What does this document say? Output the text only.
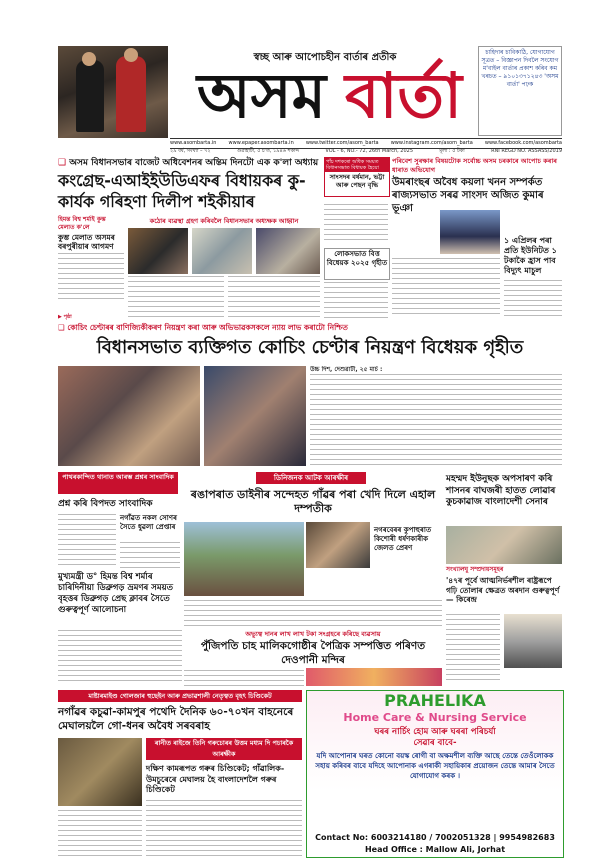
স্বচ্ছ আৰু আপোচহীন বাৰ্তাৰ প্ৰতীক
অসম বাৰ্তা
চাহিদাৰ চাবিকাঠি, যোগাযোগ সূত্ৰত – বিজ্ঞাপন দিবলৈ সংযোগ ম'বাইল বাৰ্তাৰ প্ৰকাশ কৰিব কম খৰচত – ৯১০১৩৭১২৪৩ 'অসম বাৰ্তা' পঢ়ক
www.asombarta.in www.epaper.asombarta.in www.twitter.com/asom_barta www.instagram.com/asom_barta www.facebook.com/asombarta
২৯ বৰ্ষ, সংখ্যা – ৭২	গুৱাহাটী, ৫ চ'ত, ১৯৪৬ শকাব্দ	VOL - 6, NO.- 72, 26th March, 2025	মূল্য : ৫ টকা	RNI REGD NO. ASSASS/2019
❑ অসম বিধানসভাৰ বাজেট অধিবেশনৰ অন্তিম দিনটো এক ক'লা অধ্যায়
কংগ্ৰেছ-এআইইউডিএফৰ বিধায়কৰ কু-কাৰ্যক গৰিহণা দিলীপ শইকীয়াৰ
হিমন্ত বিশ্ব শৰ্মাই কুম্ভ মেলাত ক'লে
কুম্ভ মেলাত অসমৰ বৰপুৰীয়াৰ আগমণ
▶ পৃষ্ঠা
কঠোৰ ব্যৱস্থা গ্ৰহণ কৰিবলৈ বিধানসভাৰ অধ্যক্ষক আহ্বান
পাঁচ দশকৰো অধিক সময়ত বিধানসভাত বিধায়ক হৈয়ো
সাংসদৰ বৰ্ষমান, ভট্টা আৰু পেছন বৃদ্ধি
লোকসভাত বিত্ত বিধেয়ক ২০২৫ গৃহীত
পৰিবেশ সুৰক্ষাৰ বিষয়টোক সৰ্বোচ্চ অসম চৰকাৰে আপোচ কৰাৰ ধাৰাত অভিযোগ
উমৰাংছৰ অবৈধ কয়লা খনন সম্পৰ্কত ৰাজ্যসভাত সৰৱ সাংসদ অজিত কুমাৰ ভূঞা
১ এপ্ৰিলৰ পৰা প্ৰতি ইউনিটত ১ টকাকৈ হ্ৰাস পাব বিদ্যুৎ মাচুল
❑ কোচিং চেণ্টাৰৰ বাণিজ্যিকীকৰণ নিয়ন্ত্ৰণ কৰা আৰু অভিভাৱকসকলে ন্যায় লাভ কৰাটো নিশ্চিত
বিধানসভাত ব্যক্তিগত কোচিং চেণ্টাৰ নিয়ন্ত্ৰণ বিধেয়ক গৃহীত
উচ্চ দিশ, দেশুৱাটী, ২৫ মাৰ্চ :
ডিনিজনক আটক আৰক্ষীৰ
ৰঙাপৰাত ডাইনীৰ সন্দেহত গাঁৱৰ পৰা খেদি দিলে এহাল দম্পতীক
নগৰবেৰৰ কুপাহুৰাত কিশোৰী ধৰ্ষণকাৰীক জেলত প্ৰেৰণ
পাথৰকান্দিত থানাত আৰম্ভ প্ৰশ্নৰ সাংবাদিক
প্ৰশ্ন কৰি বিপদত সাংবাদিক
নগাঁৱত নকল সোণৰ সৈতে ধুৱলা প্ৰেপ্তাৰ
মুখ্যমন্ত্ৰী ড° হিমন্ত বিশ্ব শৰ্মাৰ চাৰিদিনীয়া ডিব্ৰুগড় ভ্ৰমণৰ সময়ত বৃহত্তৰ ডিব্ৰুগড় প্ৰেছ ক্লাবৰ সৈতে গুৰুত্বপূৰ্ণ আলোচনা
অভ্যুত্ব দানৰ লাখ লাখ টকা সংগ্ৰহৰে কৰিছে ব্যৱসায়
পুঁজিপতি চাহ মালিকগোষ্ঠীৰ পৈত্ৰিক সম্পত্তিত পৰিণত দেওপানী মন্দিৰ
মহম্মদ ইউনুছক অপসাৰণ কৰি শাসনৰ বাঘজৰী হাতত লোৱাৰ কুচকাৱাজ বাংলাদেশী সেনাৰ
সংখ্যালঘু সম্প্ৰদায়সমূহৰ
'৪৭ৰ পূৰ্বে আত্মনিৰ্ভৰশীল ৰাষ্ট্ৰৰূপে গঢ়ি তোলাৰ ক্ষেত্ৰত অৰদান গুৰুত্বপূৰ্ণ — কিৰেন্দ্ৰ
মাষ্টাৰমাইণ্ড গোলজাৰ হুছেইন আৰু প্ৰভাৱশালী নেতৃত্বত বৃহৎ চিণ্ডিকেট
নগাঁৱৰ কচুৱা-কামপুৰ পথেদি দৈনিক ৬০-৭০খন বাহনেৰে মেঘালয়লৈ গো-ধনৰ অবৈধ সৰবৰাহ
ৰানীত ৰাইজে তিনি গৰুচোৰৰ উত্তম মধ্যম দি পচাৰকৈ আৰক্ষীক
দক্ষিণ কামৰূপত গৰুৰ চিণ্ডিকেট; গাঁৱালিক-উমচুৰেৰে মেঘালয় হৈ বাংলাদেশলৈ গৰুৰ চিণ্ডিকেট
PRAHELIKA
Home Care & Nursing Service
ঘৰৰ নাৰ্চিং হোম আৰু ঘৰৰা পৰিচৰ্যা
সেৱাৰ বাবে-
যদি আপোনাৰ ঘৰত কোনো বয়স্ক ৰোগী বা অক্ষমশীল ব্যক্তি আছে তেন্তে তেওঁলোকক সহায় কৰিবৰ বাবে যদিহে আপোনাক এগৰাকী সহায়িকাৰ প্ৰয়োজন তেন্তে আমাৰ সৈতে যোগাযোগ কৰক ।
Contact No: 6003214180 / 7002051328 | 9954982683
Head Office : Mallow Ali, Jorhat
